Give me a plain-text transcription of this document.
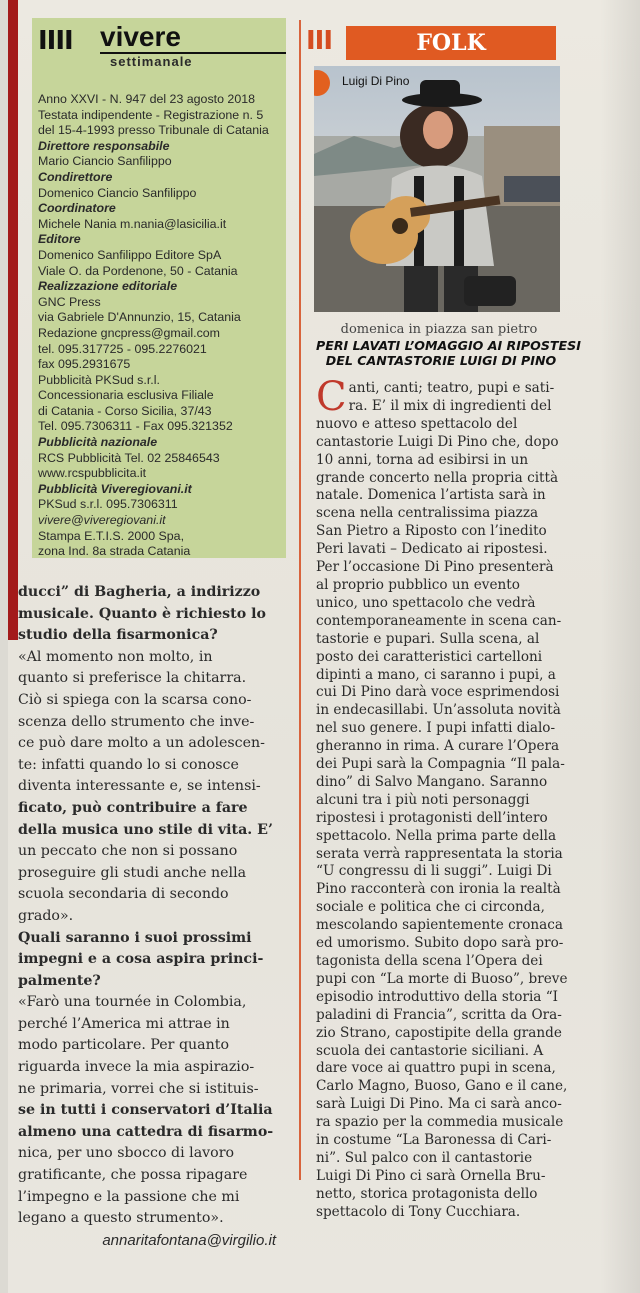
IIII vivere
settimanale
Anno XXVI - N. 947 del 23 agosto 2018
Testata indipendente - Registrazione n. 5
del 15-4-1993 presso Tribunale di Catania
Direttore responsabile
Mario Ciancio Sanfilippo
Condirettore
Domenico Ciancio Sanfilippo
Coordinatore
Michele Nania m.nania@lasicilia.it
Editore
Domenico Sanfilippo Editore SpA
Viale O. da Pordenone, 50 - Catania
Realizzazione editoriale
GNC Press
via Gabriele D'Annunzio, 15, Catania
Redazione gncpress@gmail.com
tel. 095.317725 - 095.2276021
fax 095.2931675
Pubblicità PKSud s.r.l.
Concessionaria esclusiva Filiale
di Catania - Corso Sicilia, 37/43
Tel. 095.7306311 - Fax 095.321352
Pubblicità nazionale
RCS Pubblicità Tel. 02 25846543
www.rcspubblicita.it
Pubblicità Viveregiovani.it
PKSud s.r.l. 095.7306311
vivere@viveregiovani.it
Stampa E.T.I.S. 2000 Spa,
zona Ind. 8a strada Catania
ducci” di Bagheria, a indirizzo
musicale. Quanto è richiesto lo
studio della fisarmonica?
«Al momento non molto, in
quanto si preferisce la chitarra.
Ciò si spiega con la scarsa cono-
scenza dello strumento che inve-
ce può dare molto a un adolescen-
te: infatti quando lo si conosce
diventa interessante e, se intensi-
ficato, può contribuire a fare
della musica uno stile di vita. E’
un peccato che non si possano
proseguire gli studi anche nella
scuola secondaria di secondo
grado».
Quali saranno i suoi prossimi
impegni e a cosa aspira princi-
palmente?
«Farò una tournée in Colombia,
perché l’America mi attrae in
modo particolare. Per quanto
riguarda invece la mia aspirazio-
ne primaria, vorrei che si istituis-
se in tutti i conservatori d’Italia
almeno una cattedra di fisarmo-
nica, per uno sbocco di lavoro
gratificante, che possa ripagare
l’impegno e la passione che mi
legano a questo strumento».
annaritafontana@virgilio.it
III	FOLK
Luigi Di Pino
domenica in piazza san pietro
PERI LAVATI L’OMAGGIO AI RIPOSTESI
DEL CANTASTORIE LUIGI DI PINO
C anti, canti; teatro, pupi e sati-
ra. E’ il mix di ingredienti del
nuovo e atteso spettacolo del
cantastorie Luigi Di Pino che, dopo
10 anni, torna ad esibirsi in un
grande concerto nella propria città
natale. Domenica l’artista sarà in
scena nella centralissima piazza
San Pietro a Riposto con l’inedito
Peri lavati – Dedicato ai ripostesi.
Per l’occasione Di Pino presenterà
al proprio pubblico un evento
unico, uno spettacolo che vedrà
contemporaneamente in scena can-
tastorie e pupari. Sulla scena, al
posto dei caratteristici cartelloni
dipinti a mano, ci saranno i pupi, a
cui Di Pino darà voce esprimendosi
in endecasillabi. Un’assoluta novità
nel suo genere. I pupi infatti dialo-
gheranno in rima. A curare l’Opera
dei Pupi sarà la Compagnia “Il pala-
dino” di Salvo Mangano. Saranno
alcuni tra i più noti personaggi
ripostesi i protagonisti dell’intero
spettacolo. Nella prima parte della
serata verrà rappresentata la storia
“U congressu di li suggi”. Luigi Di
Pino racconterà con ironia la realtà
sociale e politica che ci circonda,
mescolando sapientemente cronaca
ed umorismo. Subito dopo sarà pro-
tagonista della scena l’Opera dei
pupi con “La morte di Buoso”, breve
episodio introduttivo della storia “I
paladini di Francia”, scritta da Ora-
zio Strano, capostipite della grande
scuola dei cantastorie siciliani. A
dare voce ai quattro pupi in scena,
Carlo Magno, Buoso, Gano e il cane,
sarà Luigi Di Pino. Ma ci sarà anco-
ra spazio per la commedia musicale
in costume “La Baronessa di Cari-
ni”. Sul palco con il cantastorie
Luigi Di Pino ci sarà Ornella Bru-
netto, storica protagonista dello
spettacolo di Tony Cucchiara.
